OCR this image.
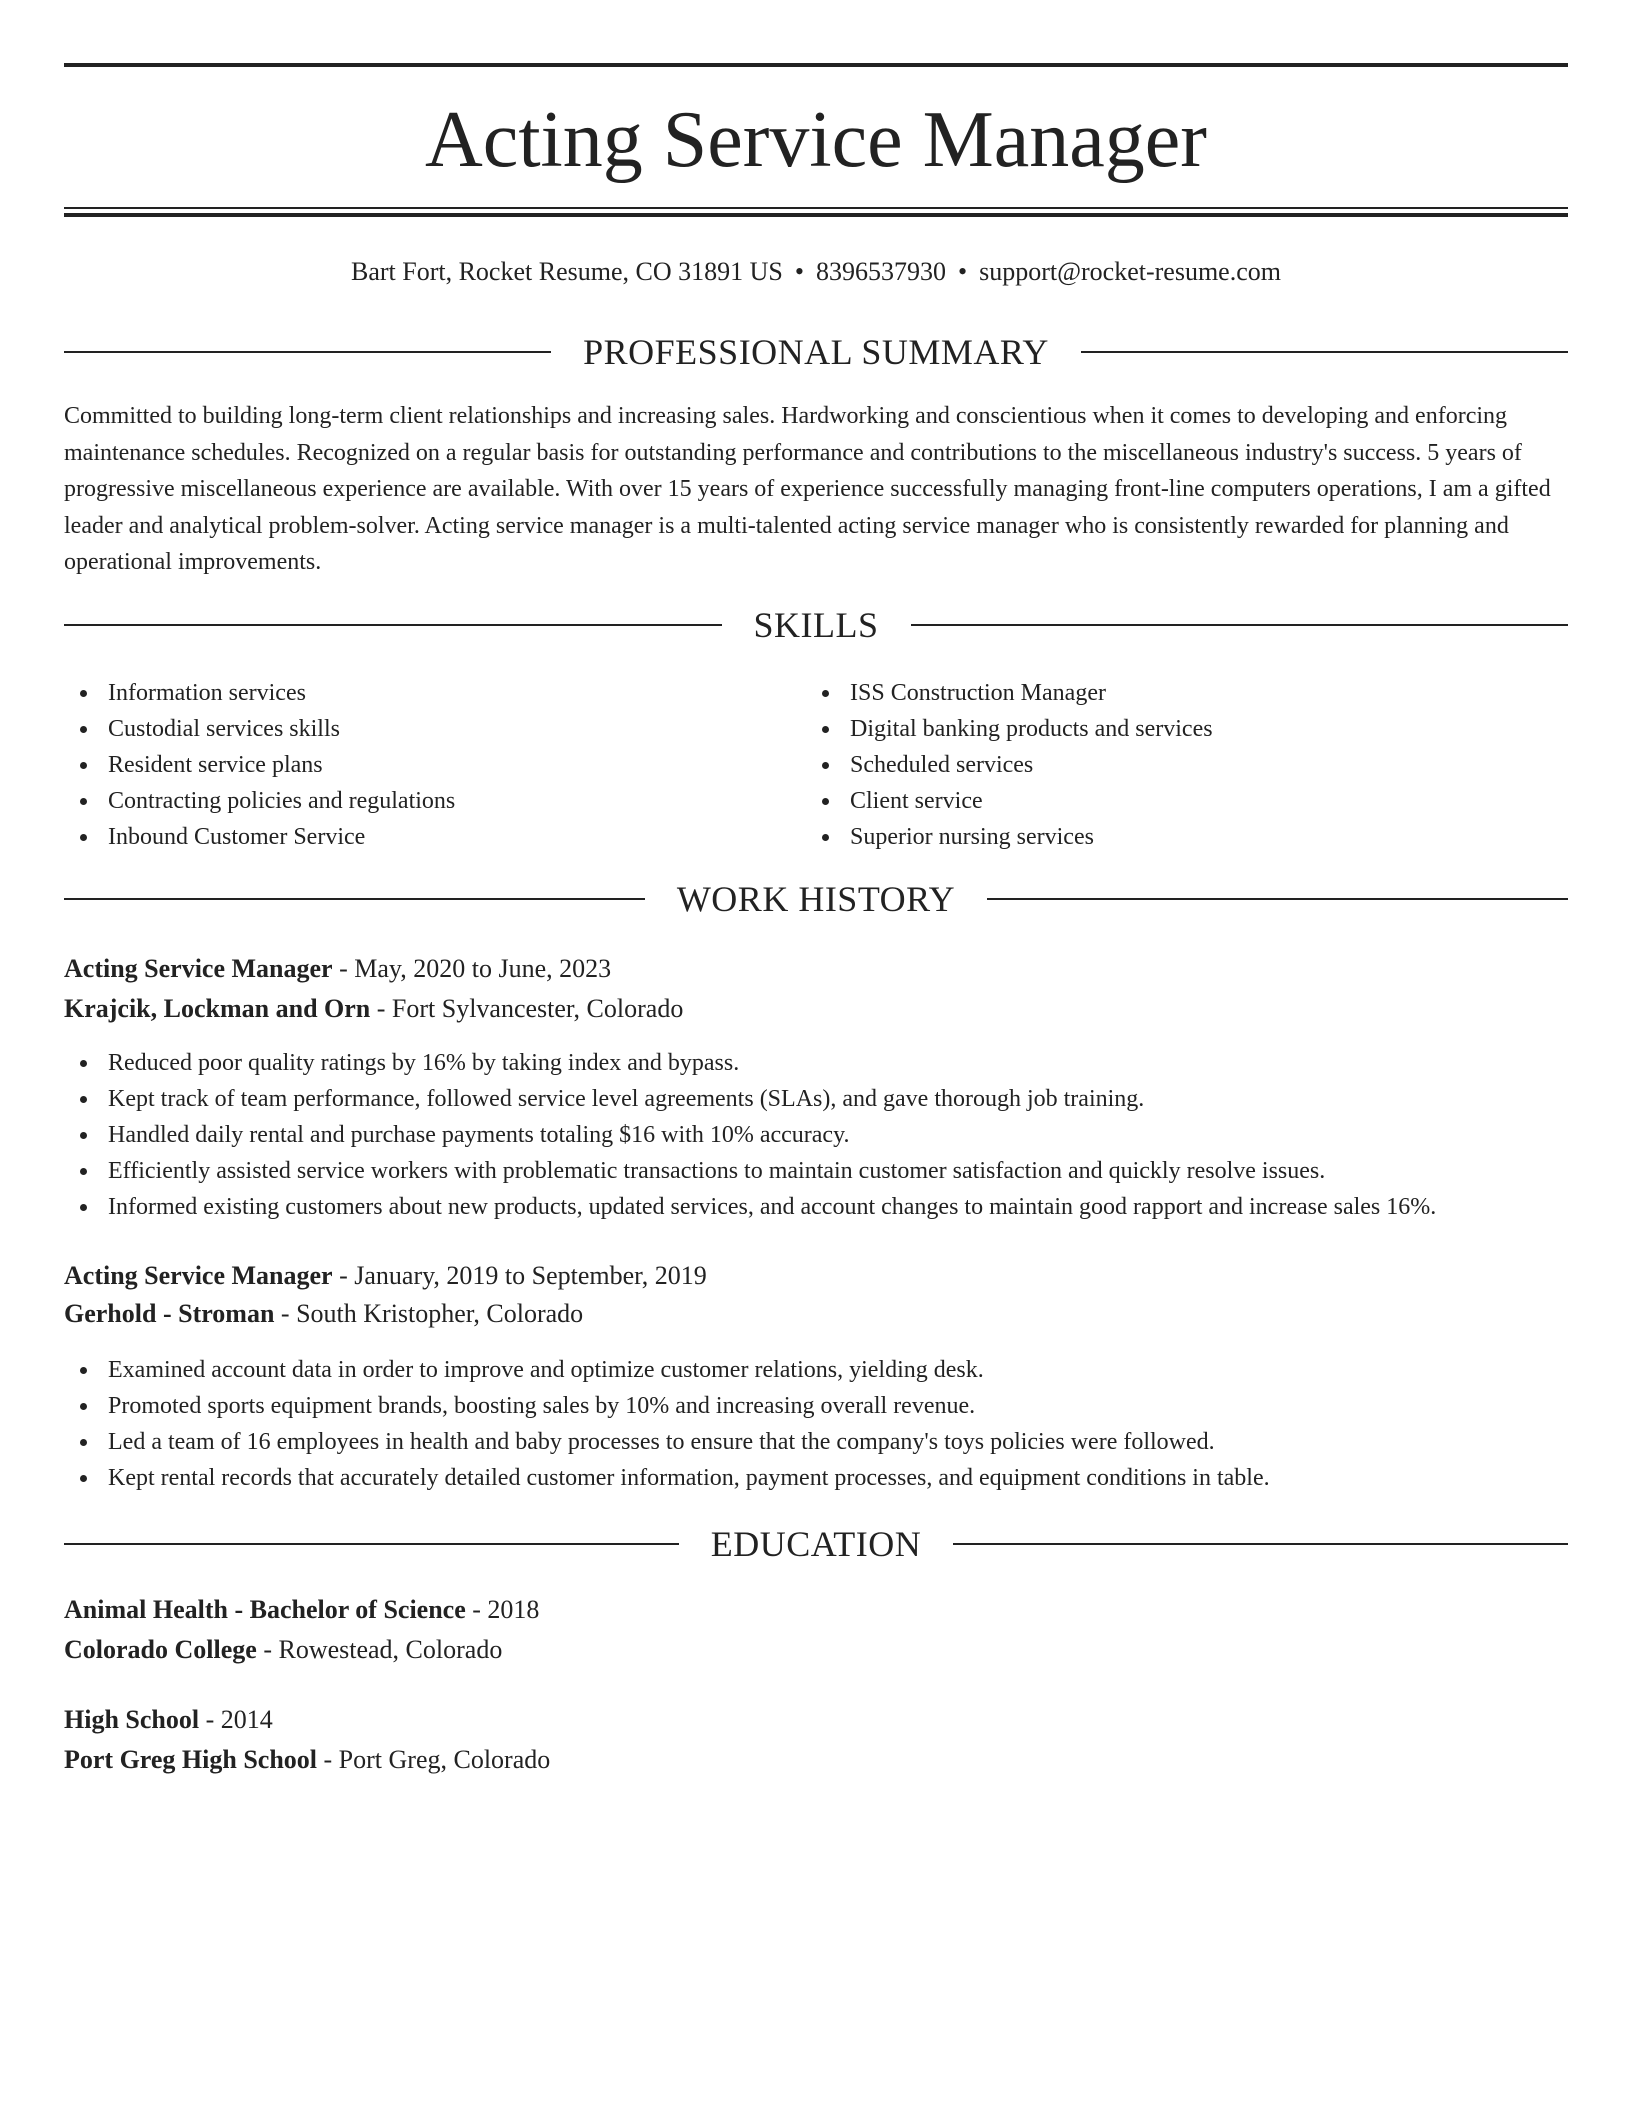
Acting Service Manager
Bart Fort, Rocket Resume, CO 31891 US • 8396537930 • support@rocket-resume.com
PROFESSIONAL SUMMARY

Committed to building long-term client relationships and increasing sales. Hardworking and conscientious when it comes to developing and enforcing maintenance schedules. Recognized on a regular basis for outstanding performance and contributions to the miscellaneous industry's success. 5 years of progressive miscellaneous experience are available. With over 15 years of experience successfully managing front-line computers operations, I am a gifted leader and analytical problem-solver. Acting service manager is a multi-talented acting service manager who is consistently rewarded for planning and operational improvements.

SKILLS
Information services
Custodial services skills
Resident service plans
Contracting policies and regulations
Inbound Customer Service
ISS Construction Manager
Digital banking products and services
Scheduled services
Client service
Superior nursing services
WORK HISTORY
Acting Service Manager - May, 2020 to June, 2023
Krajcik, Lockman and Orn - Fort Sylvancester, Colorado
Reduced poor quality ratings by 16% by taking index and bypass.
Kept track of team performance, followed service level agreements (SLAs), and gave thorough job training.
Handled daily rental and purchase payments totaling $16 with 10% accuracy.
Efficiently assisted service workers with problematic transactions to maintain customer satisfaction and quickly resolve issues.
Informed existing customers about new products, updated services, and account changes to maintain good rapport and increase sales 16%.
Acting Service Manager - January, 2019 to September, 2019
Gerhold - Stroman - South Kristopher, Colorado
Examined account data in order to improve and optimize customer relations, yielding desk.
Promoted sports equipment brands, boosting sales by 10% and increasing overall revenue.
Led a team of 16 employees in health and baby processes to ensure that the company's toys policies were followed.
Kept rental records that accurately detailed customer information, payment processes, and equipment conditions in table.
EDUCATION
Animal Health - Bachelor of Science - 2018
Colorado College - Rowestead, Colorado
High School - 2014
Port Greg High School - Port Greg, Colorado
